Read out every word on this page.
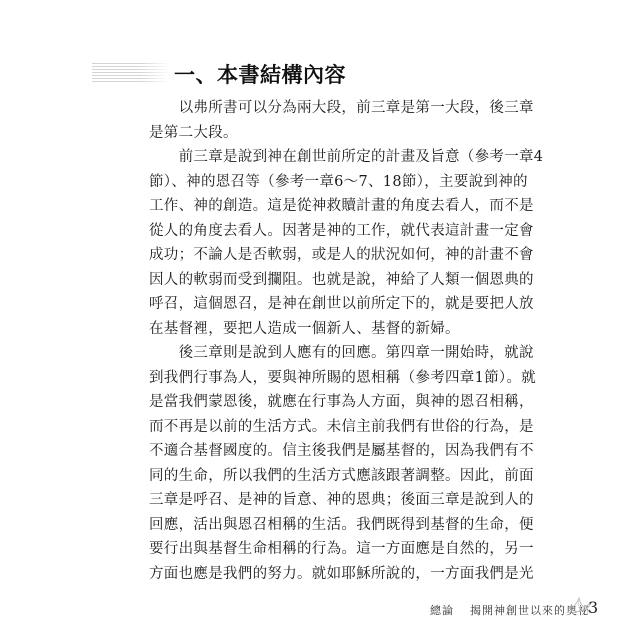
一、本書結構內容
　　以弗所書可以分為兩大段，前三章是第一大段，後三章
是第二大段。
　　前三章是說到神在創世前所定的計畫及旨意（參考一章4
節）、神的恩召等（參考一章6～7、18節），主要說到神的
工作、神的創造。這是從神救贖計畫的角度去看人，而不是
從人的角度去看人。因著是神的工作，就代表這計畫一定會
成功；不論人是否軟弱，或是人的狀況如何，神的計畫不會
因人的軟弱而受到攔阻。也就是說，神給了人類一個恩典的
呼召，這個恩召，是神在創世以前所定下的，就是要把人放
在基督裡，要把人造成一個新人、基督的新婦。
　　後三章則是說到人應有的回應。第四章一開始時，就說
到我們行事為人，要與神所賜的恩相稱（參考四章1節）。就
是當我們蒙恩後，就應在行事為人方面，與神的恩召相稱，
而不再是以前的生活方式。未信主前我們有世俗的行為，是
不適合基督國度的。信主後我們是屬基督的，因為我們有不
同的生命，所以我們的生活方式應該跟著調整。因此，前面
三章是呼召、是神的旨意、神的恩典；後面三章是說到人的
回應，活出與恩召相稱的生活。我們既得到基督的生命，便
要行出與基督生命相稱的行為。這一方面應是自然的，另一
方面也應是我們的努力。就如耶穌所說的，一方面我們是光
總論 揭開神創世以來的奧祕
3
